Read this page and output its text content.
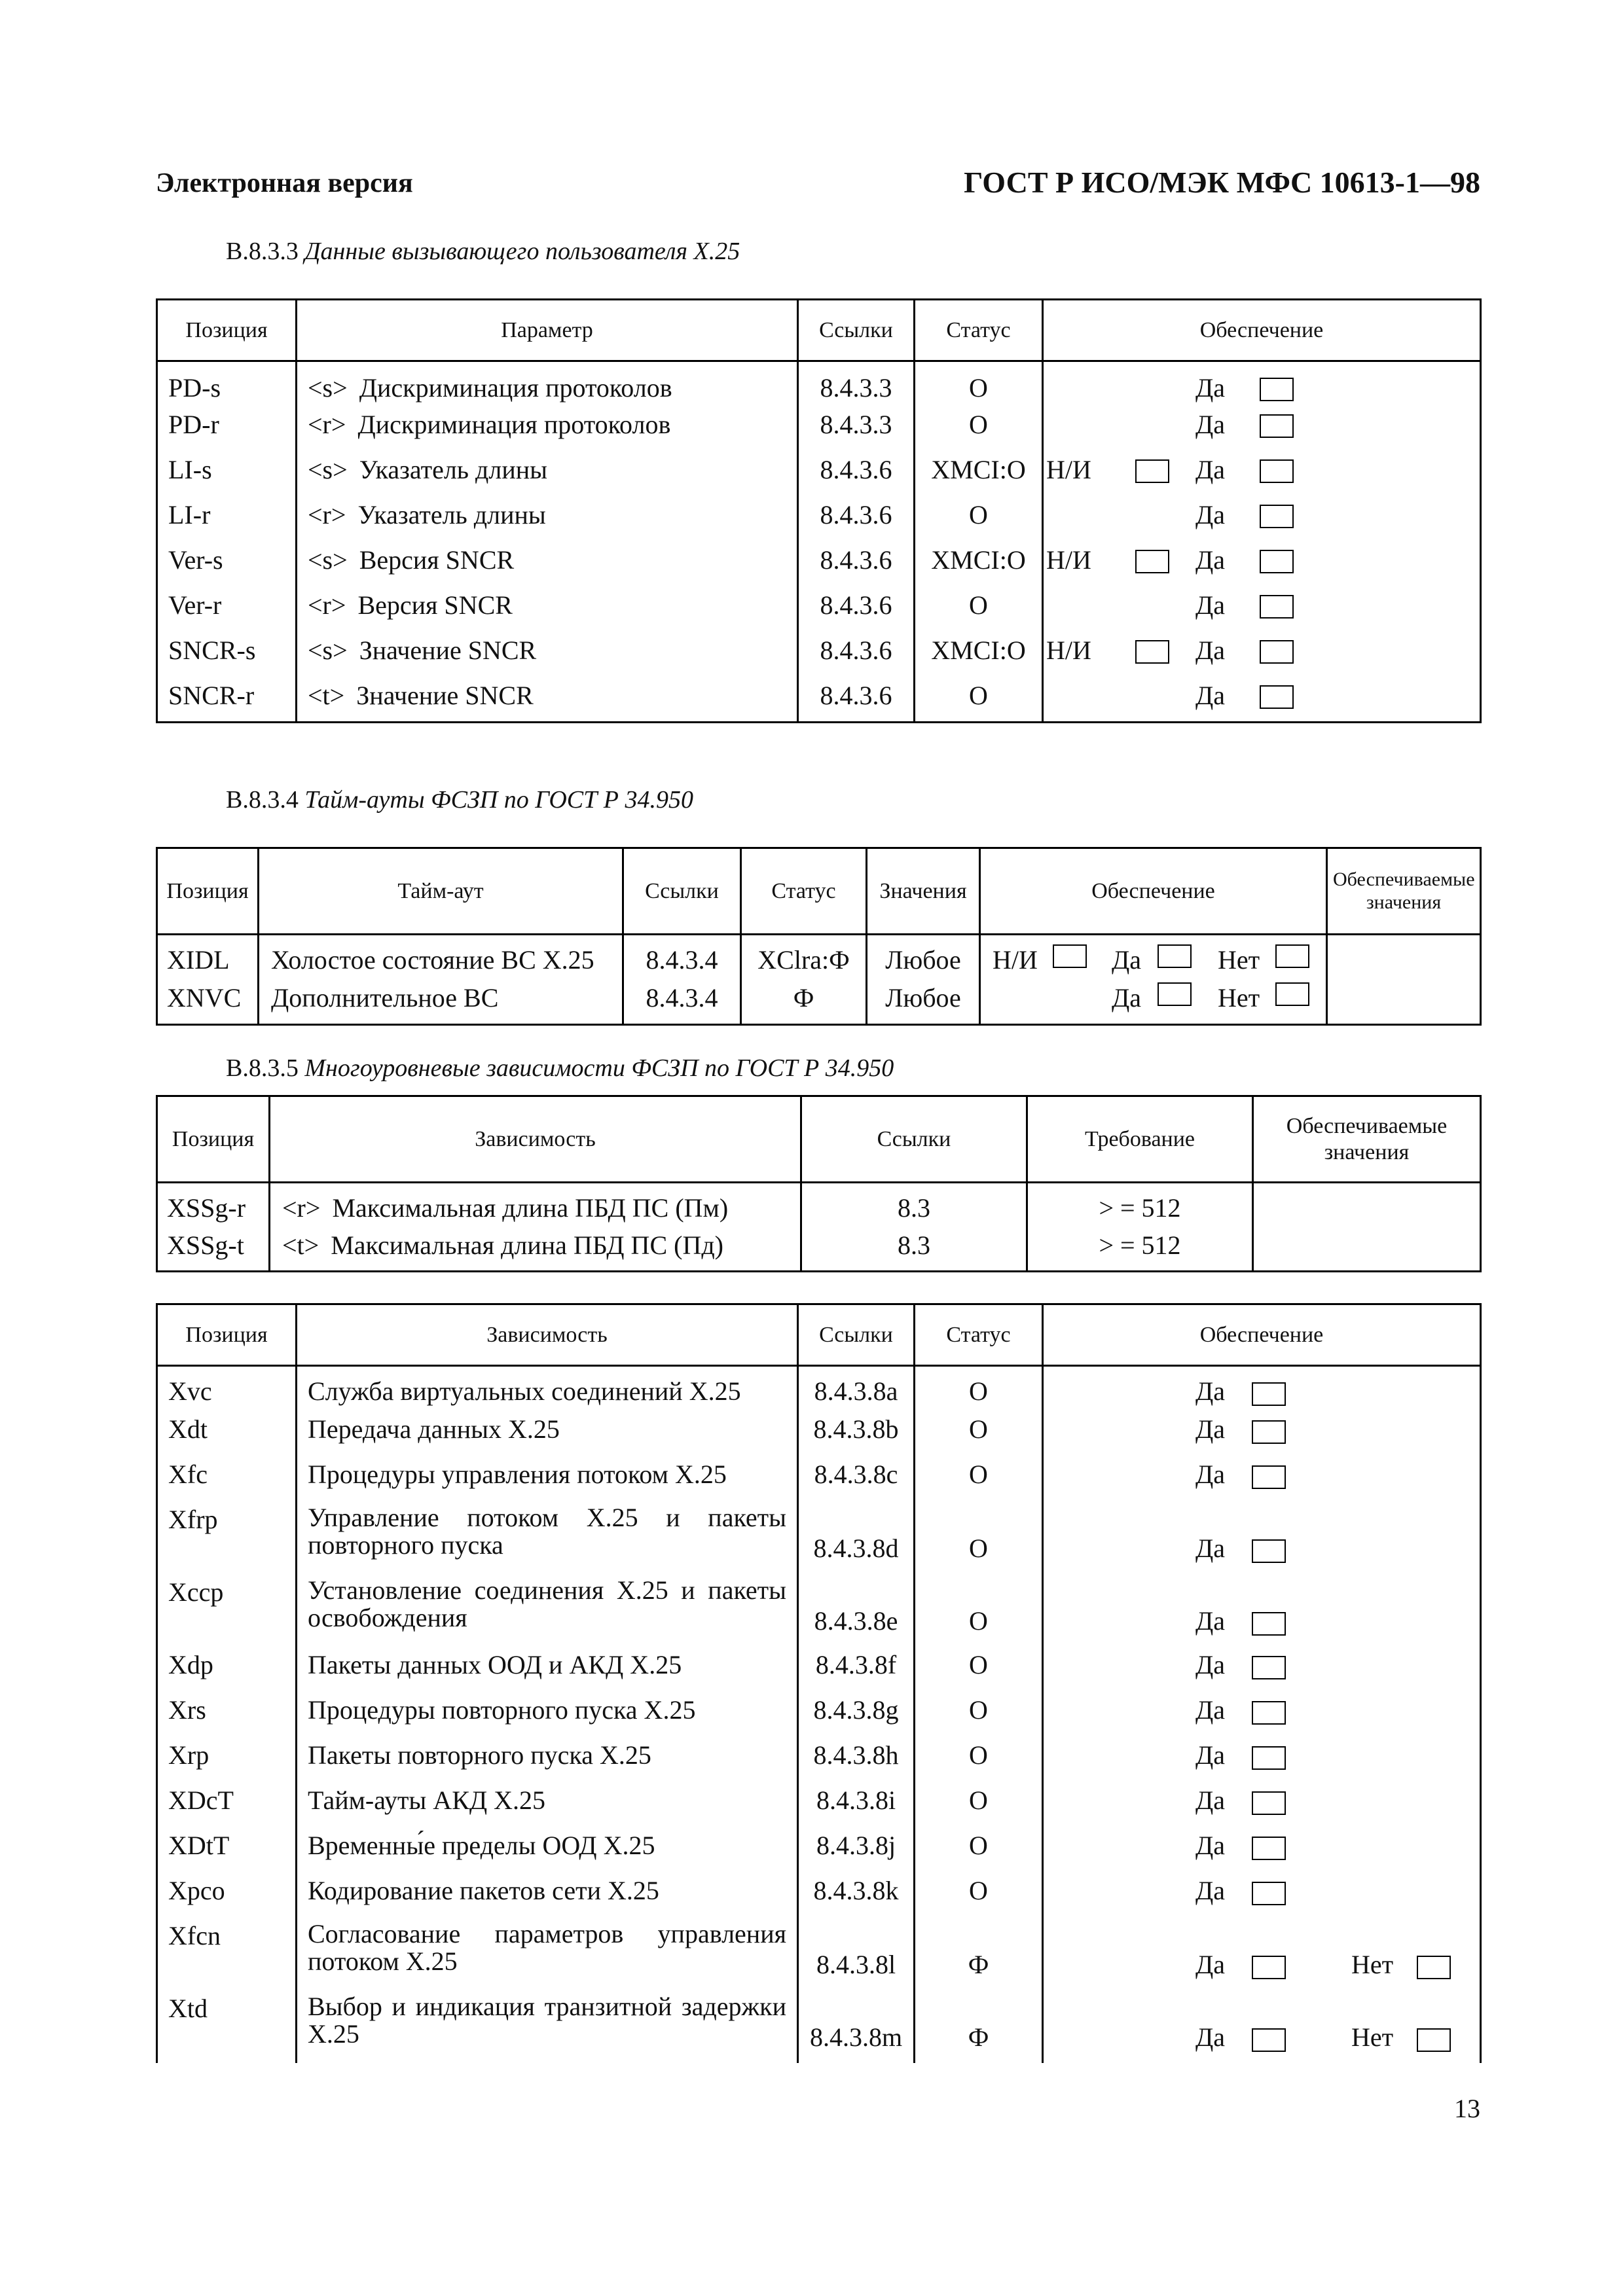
Электронная версия	ГОСТ Р ИСО/МЭК МФС 10613-1—98
В.8.3.3 Данные вызывающего пользователя Х.25
Позиция	Параметр	Ссылки	Статус	Обеспечение
PD-s	<s> Дискриминация протоколов	8.4.3.3	О	Да

PD-r	<r> Дискриминация протоколов	8.4.3.3	О	Да

LI-s	<s> Указатель длины	8.4.3.6	XMCI:O	Н/И Да

LI-r	<r> Указатель длины	8.4.3.6	О	Да

Ver-s	<s> Версия SNCR	8.4.3.6	XMCI:O	Н/И Да

Ver-r	<r> Версия SNCR	8.4.3.6	О	Да

SNCR-s	<s> Значение SNCR	8.4.3.6	XMCI:O	Н/И Да

SNCR-r	<t> Значение SNCR	8.4.3.6	О	Да
В.8.3.4 Тайм-ауты ФСЗП по ГОСТ Р 34.950
Позиция	Тайм-аут	Ссылки	Статус	Значения	Обеспечение	Обеспечиваемые значения
XIDL	Холостое состояние ВС Х.25	8.4.3.4	XClra:Ф	Любое	Н/И Да Нет	

XNVC	Дополнительное ВС	8.4.3.4	Ф	Любое	Да Нет	

В.8.3.5 Многоуровневые зависимости ФСЗП по ГОСТ Р 34.950
Позиция	Зависимость	Ссылки	Требование	Обеспечиваемые значения
XSSg-r	<r> Максимальная длина ПБД ПС (Пм)	8.3	> = 512	
XSSg-t	<t> Максимальная длина ПБД ПС (Пд)	8.3	> = 512	
Позиция	Зависимость	Ссылки	Статус	Обеспечение
Xvc	Служба виртуальных соединений Х.25	8.4.3.8a	О	Да

Xdt	Передача данных Х.25	8.4.3.8b	О	Да

Xfc	Процедуры управления потоком Х.25	8.4.3.8c	О	Да

Xfrp	Управление потоком Х.25 и пакеты повторного пуска	8.4.3.8d	О	Да

Xccp	Установление соединения Х.25 и пакеты освобождения	8.4.3.8e	О	Да

Xdp	Пакеты данных ООД и АКД Х.25	8.4.3.8f	О	Да

Xrs	Процедуры повторного пуска Х.25	8.4.3.8g	О	Да

Xrp	Пакеты повторного пуска Х.25	8.4.3.8h	О	Да

XDcT	Тайм-ауты АКД Х.25	8.4.3.8i	О	Да

XDtT	Временны́е пределы ООД Х.25	8.4.3.8j	О	Да

Xpco	Кодирование пакетов сети Х.25	8.4.3.8k	О	Да

Xfcn	Согласование параметров управления потоком Х.25	8.4.3.8l	Ф	Да Нет

Xtd	Выбор и индикация транзитной задержки Х.25	8.4.3.8m	Ф	Да Нет
13
